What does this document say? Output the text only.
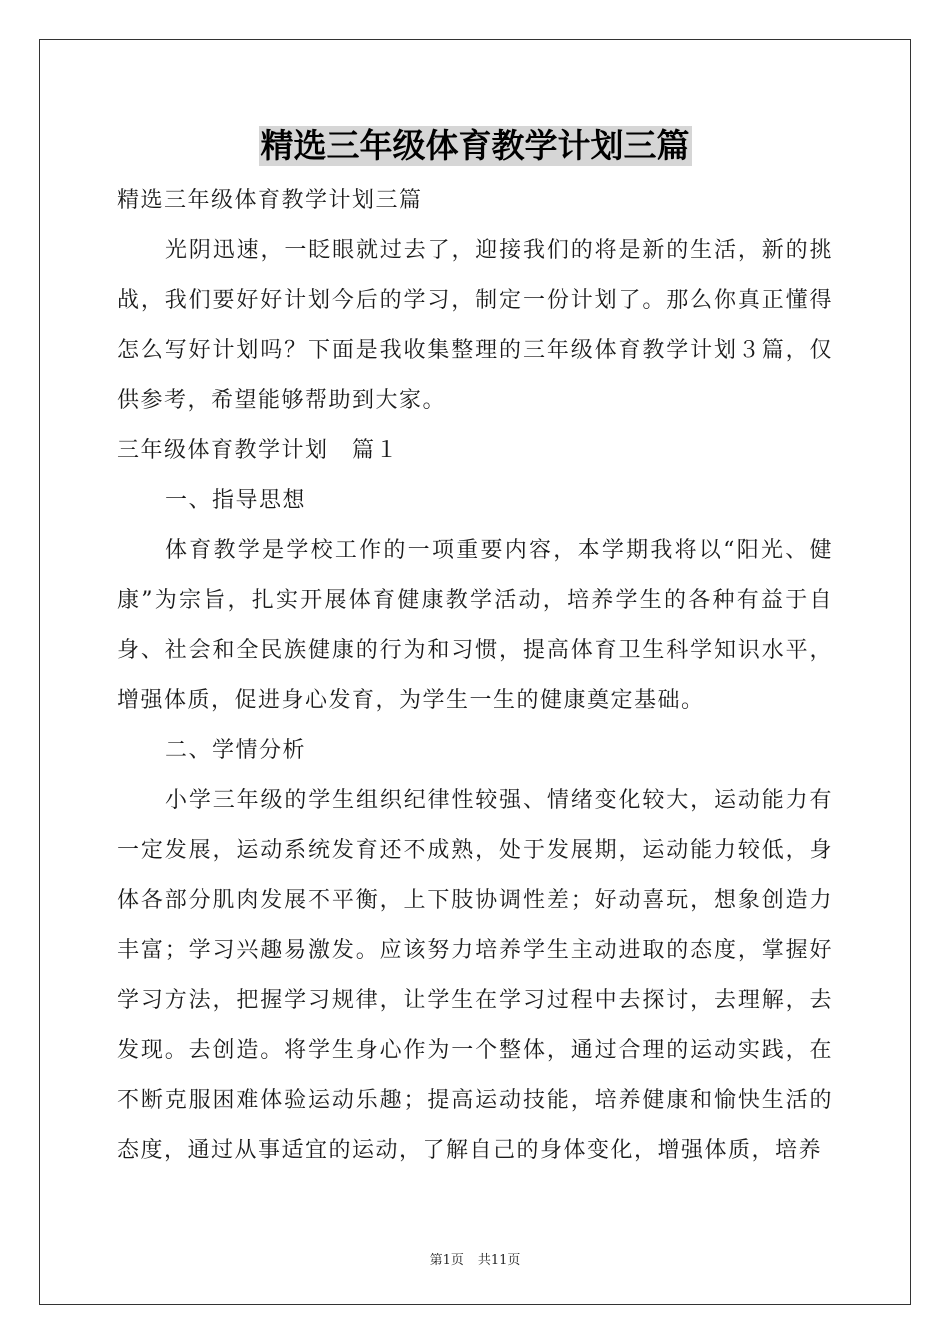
精选三年级体育教学计划三篇

精选三年级体育教学计划三篇

光阴迅速，一眨眼就过去了，迎接我们的将是新的生活，新的挑战，我们要好好计划今后的学习，制定一份计划了。那么你真正懂得怎么写好计划吗？下面是我收集整理的三年级体育教学计划３篇，仅供参考，希望能够帮助到大家。

三年级体育教学计划　篇１

一、指导思想

体育教学是学校工作的一项重要内容，本学期我将以“阳光、健康”为宗旨，扎实开展体育健康教学活动，培养学生的各种有益于自身、社会和全民族健康的行为和习惯，提高体育卫生科学知识水平，增强体质，促进身心发育，为学生一生的健康奠定基础。

二、学情分析

小学三年级的学生组织纪律性较强、情绪变化较大，运动能力有一定发展，运动系统发育还不成熟，处于发展期，运动能力较低，身体各部分肌肉发展不平衡，上下肢协调性差；好动喜玩，想象创造力丰富；学习兴趣易激发。应该努力培养学生主动进取的态度，掌握好学习方法，把握学习规律，让学生在学习过程中去探讨，去理解，去发现。去创造。将学生身心作为一个整体，通过合理的运动实践，在不断克服困难体验运动乐趣；提高运动技能，培养健康和愉快生活的态度，通过从事适宜的运动，了解自己的身体变化，增强体质，培养

第1页 共11页
